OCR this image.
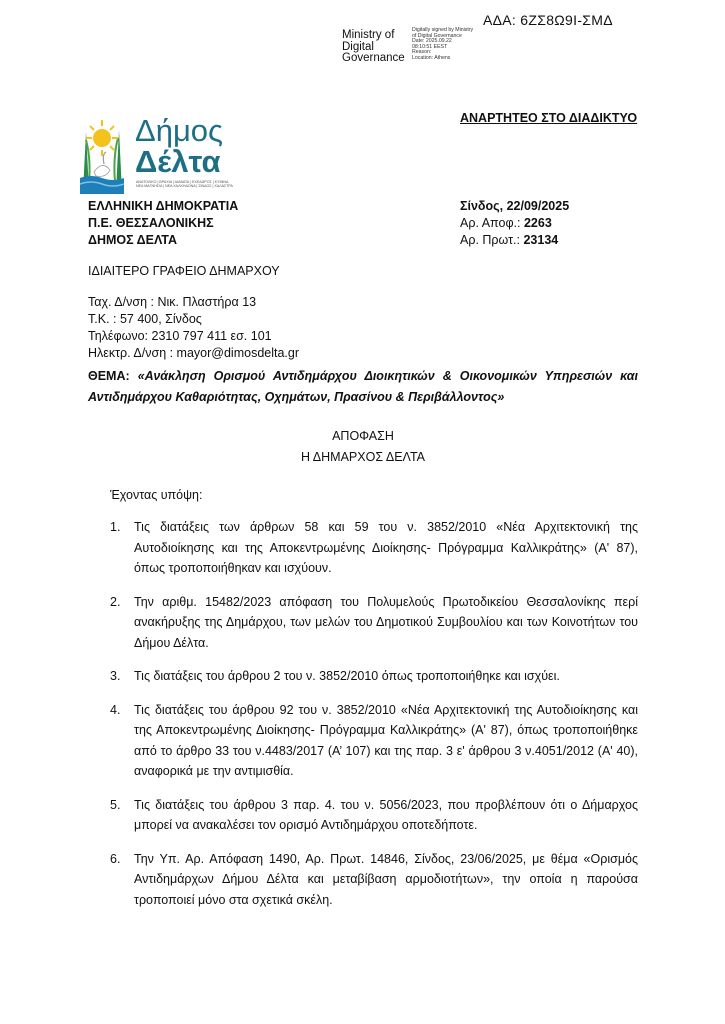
ΑΔΑ: 6ΖΣ8Ω9Ι-ΣΜΔ
Ministry of
Digital
Governance
Digitally signed by Ministry
of Digital Governance
Date: 2025.09.22
08:10:51 EEST
Reason:
Location: Athens
Δήμος
Δέλτα
ΑΝΑΤΟΛΙΚΟ | ΒΡΑΧΙΑ | ΔΙΑΒΑΤΑ | ΕΧΕΔΩΡΟΣ | ΚΥΜΙΝΑ
ΝΕΑ ΜΑΓΝΗΣΙΑ | ΝΕΑ ΧΑΛΚΗΔΟΝΑ | ΣΙΝΔΟΣ | ΧΑΛΑΣΤΡΑ
ΑΝΑΡΤΗΤΕΟ ΣΤΟ ΔΙΑΔΙΚΤΥΟ
ΕΛΛΗΝΙΚΗ ΔΗΜΟΚΡΑΤΙΑ
Π.Ε. ΘΕΣΣΑΛΟΝΙΚΗΣ
ΔΗΜΟΣ ΔΕΛΤΑ
Σίνδος, 22/09/2025
Αρ. Αποφ.: 2263
Αρ. Πρωτ.: 23134
ΙΔΙΑΙΤΕΡΟ ΓΡΑΦΕΙΟ ΔΗΜΑΡΧΟΥ
Ταχ. Δ/νση : Νικ. Πλαστήρα 13
Τ.Κ. : 57 400, Σίνδος
Τηλέφωνο: 2310 797 411 εσ. 101
Ηλεκτρ. Δ/νση : mayor@dimosdelta.gr
ΘΕΜΑ: «Ανάκληση Ορισμού Αντιδημάρχου Διοικητικών & Οικονομικών Υπηρεσιών και Αντιδημάρχου Καθαριότητας, Οχημάτων, Πρασίνου & Περιβάλλοντος»
ΑΠΟΦΑΣΗ
Η ΔΗΜΑΡΧΟΣ ΔΕΛΤΑ
Έχοντας υπόψη:
1. Τις διατάξεις των άρθρων 58 και 59 του ν. 3852/2010 «Νέα Αρχιτεκτονική της Αυτοδιοίκησης και της Αποκεντρωμένης Διοίκησης- Πρόγραμμα Καλλικράτης» (Α' 87), όπως τροποποιήθηκαν και ισχύουν.
2. Την αριθμ. 15482/2023 απόφαση του Πολυμελούς Πρωτοδικείου Θεσσαλονίκης περί ανακήρυξης της Δημάρχου, των μελών του Δημοτικού Συμβουλίου και των Κοινοτήτων του Δήμου Δέλτα.
3. Τις διατάξεις του άρθρου 2 του ν. 3852/2010 όπως τροποποιήθηκε και ισχύει.
4. Τις διατάξεις του άρθρου 92 του ν. 3852/2010 «Νέα Αρχιτεκτονική της Αυτοδιοίκησης και της Αποκεντρωμένης Διοίκησης- Πρόγραμμα Καλλικράτης» (Α' 87), όπως τροποποιήθηκε από το άρθρο 33 του ν.4483/2017 (Α’ 107) και της παρ. 3 ε' άρθρου 3 ν.4051/2012 (Α' 40), αναφορικά με την αντιμισθία.
5. Τις διατάξεις του άρθρου 3 παρ. 4. του ν. 5056/2023, που προβλέπουν ότι ο Δήμαρχος μπορεί να ανακαλέσει τον ορισμό Αντιδημάρχου οποτεδήποτε.
6. Την Υπ. Αρ. Απόφαση 1490, Αρ. Πρωτ. 14846, Σίνδος, 23/06/2025, με θέμα «Ορισμός Αντιδημάρχων Δήμου Δέλτα και μεταβίβαση αρμοδιοτήτων», την οποία η παρούσα τροποποιεί μόνο στα σχετικά σκέλη.
